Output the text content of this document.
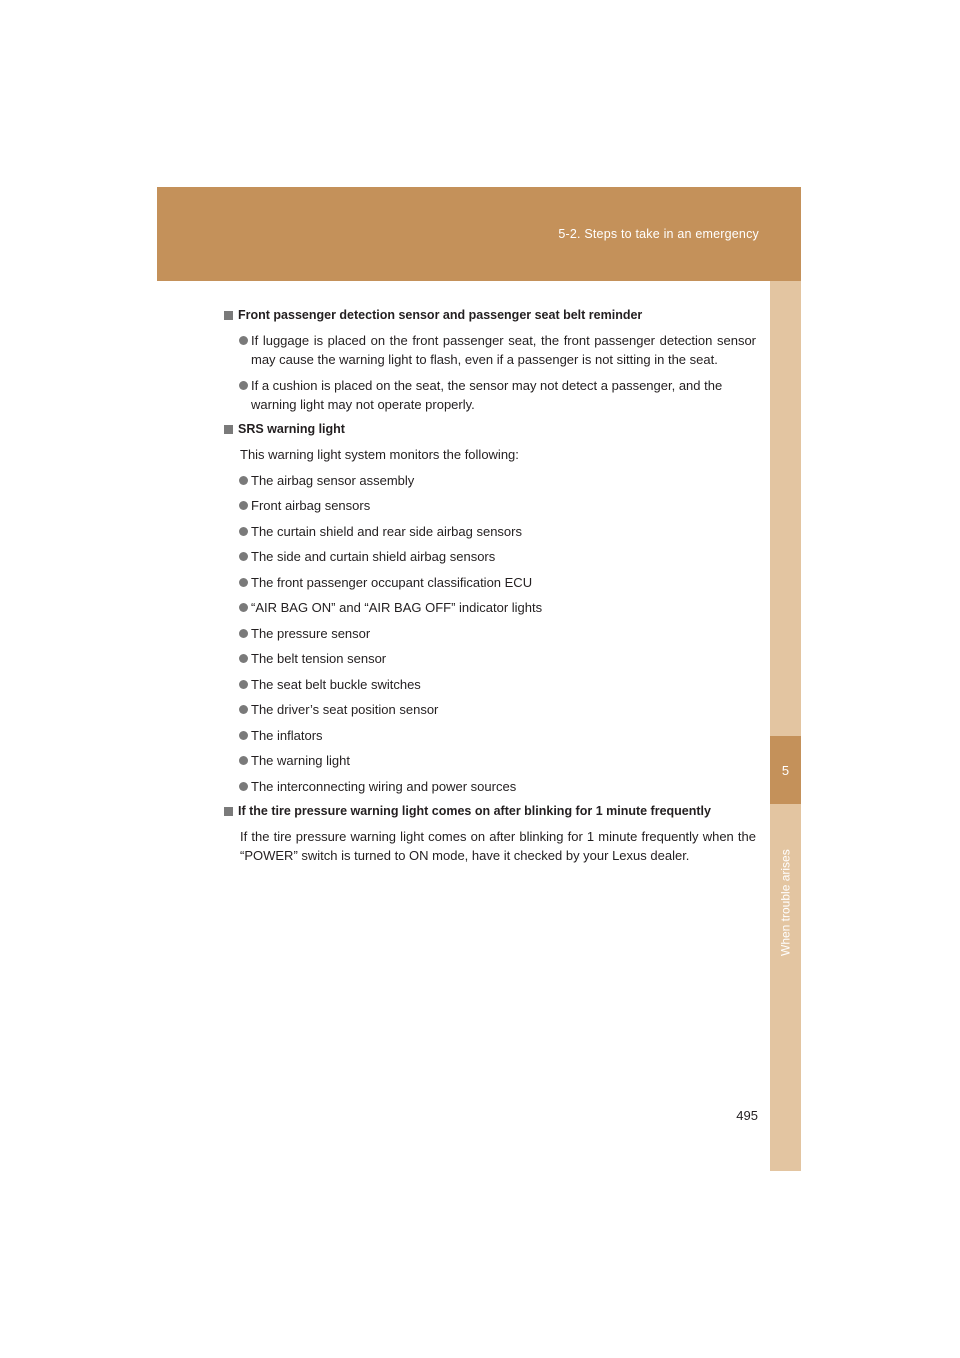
5-2. Steps to take in an emergency
5
When trouble arises
Front passenger detection sensor and passenger seat belt reminder
If luggage is placed on the front passenger seat, the front passenger detection sensor may cause the warning light to flash, even if a passenger is not sitting in the seat.
If a cushion is placed on the seat, the sensor may not detect a passenger, and the warning light may not operate properly.
SRS warning light
This warning light system monitors the following:
The airbag sensor assembly
Front airbag sensors
The curtain shield and rear side airbag sensors
The side and curtain shield airbag sensors
The front passenger occupant classification ECU
“AIR BAG ON” and “AIR BAG OFF” indicator lights
The pressure sensor
The belt tension sensor
The seat belt buckle switches
The driver’s seat position sensor
The inflators
The warning light
The interconnecting wiring and power sources
If the tire pressure warning light comes on after blinking for 1 minute frequently
If the tire pressure warning light comes on after blinking for 1 minute frequently when the “POWER” switch is turned to ON mode, have it checked by your Lexus dealer.
495
